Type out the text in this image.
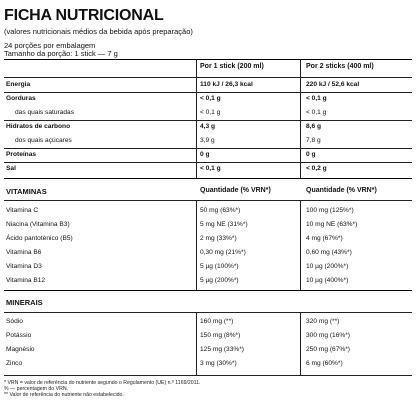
FICHA NUTRICIONAL
(valores nutricionais médios da bebida após preparação)
24 porções por embalagem
Tamanho da porção: 1 stick — 7 g
Por 1 stick (200 ml)	Por 2 sticks (400 ml)
Energia	110 kJ / 26,3 kcal	220 kJ / 52,6 kcal
Gorduras	< 0,1 g	< 0,1 g
das quais saturadas	< 0,1 g	< 0,1 g
Hidratos de carbono	4,3 g	8,6 g
dos quais açúcares	3,9 g	7,8 g
Proteínas	0 g	0 g
Sal	< 0,1 g	< 0,2 g
VITAMINAS	Quantidade (% VRN*)	Quantidade (% VRN*)
Vitamina C	50 mg (63%*)	100 mg (125%*)
Niacina (Vitamina B3)	5 mg NE (31%*)	10 mg NE (63%*)
Ácido pantoténico (B5)	2 mg (33%*)	4 mg (67%*)
Vitamina B6	0,30 mg (21%*)	0,60 mg (43%*)
Vitamina D3	5 µg (100%*)	10 µg (200%*)
Vitamina B12	5 µg (200%*)	10 µg (400%*)
MINERAIS
Sódio	160 mg (**)	320 mg (**)
Potássio	150 mg (8%*)	300 mg (16%*)
Magnésio	125 mg (33%*)	250 mg (67%*)
Zinco	3 mg (30%*)	6 mg (60%*)
* VRN = valor de referência do nutriente segundo o Regulamento (UE) n.º 1169/2011.
% — percentagem do VRN.
** Valor de referência do nutriente não estabelecido.
